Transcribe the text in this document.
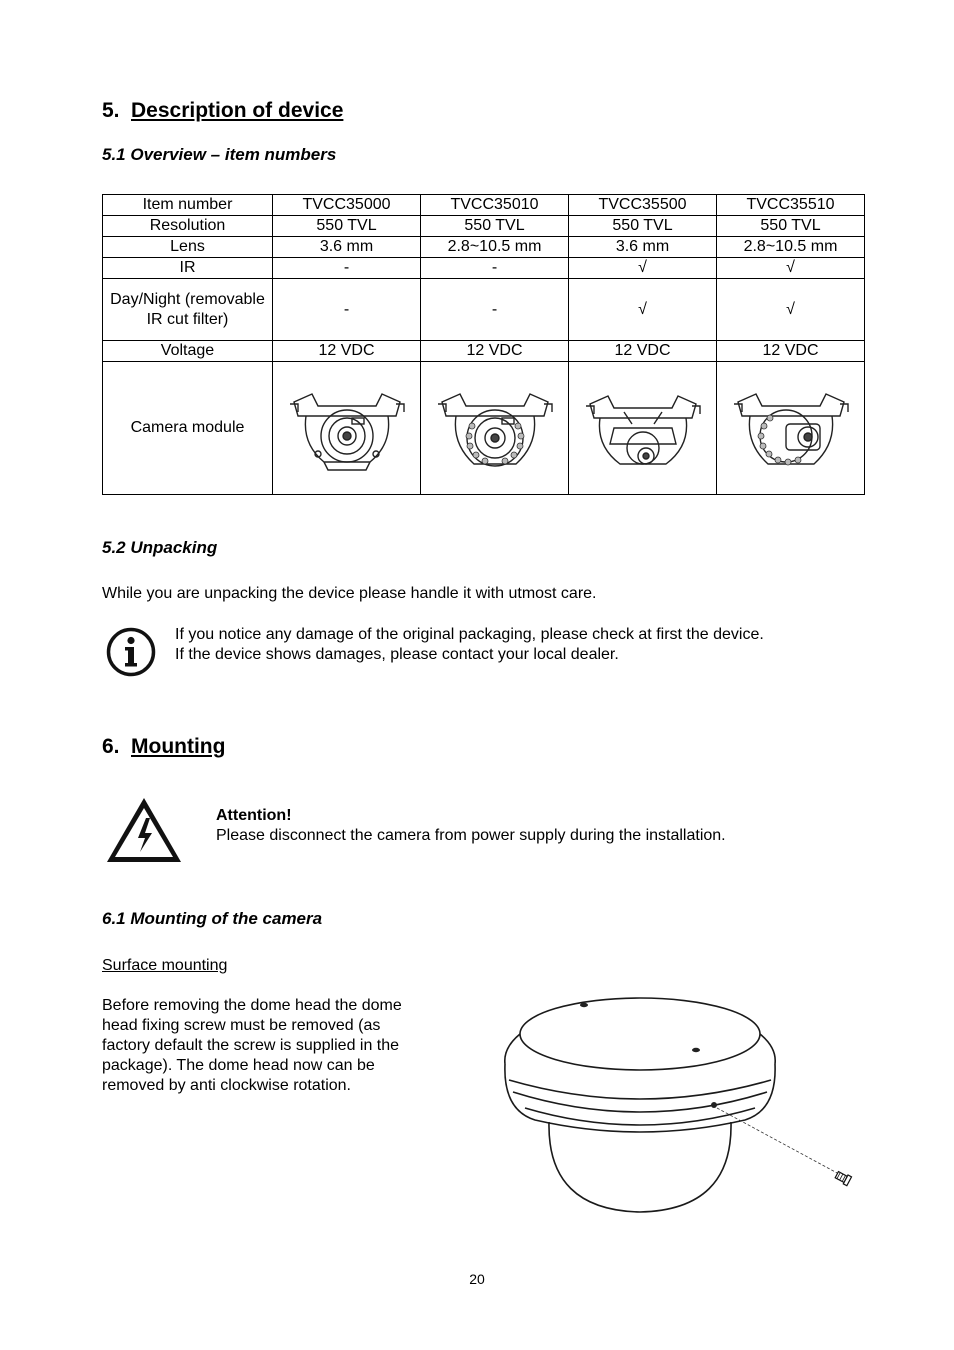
5. Description of device
5.1 Overview – item numbers
Item number	TVCC35000	TVCC35010	TVCC35500	TVCC35510
Resolution	550 TVL	550 TVL	550 TVL	550 TVL
Lens	3.6 mm	2.8~10.5 mm	3.6 mm	2.8~10.5 mm
IR	-	-	√	√
Day/Night (removable IR cut filter)	-	-	√	√
Voltage	12 VDC	12 VDC	12 VDC	12 VDC
Camera module	

5.2 Unpacking
While you are unpacking the device please handle it with utmost care.
If you notice any damage of the original packaging, please check at first the device.
If the device shows damages, please contact your local dealer.
6. Mounting
Attention!
Please disconnect the camera from power supply during the installation.
6.1 Mounting of the camera
Surface mounting
Before removing the dome head the dome
head fixing screw must be removed (as
factory default the screw is supplied in the
package). The dome head now can be
removed by anti clockwise rotation.
20
